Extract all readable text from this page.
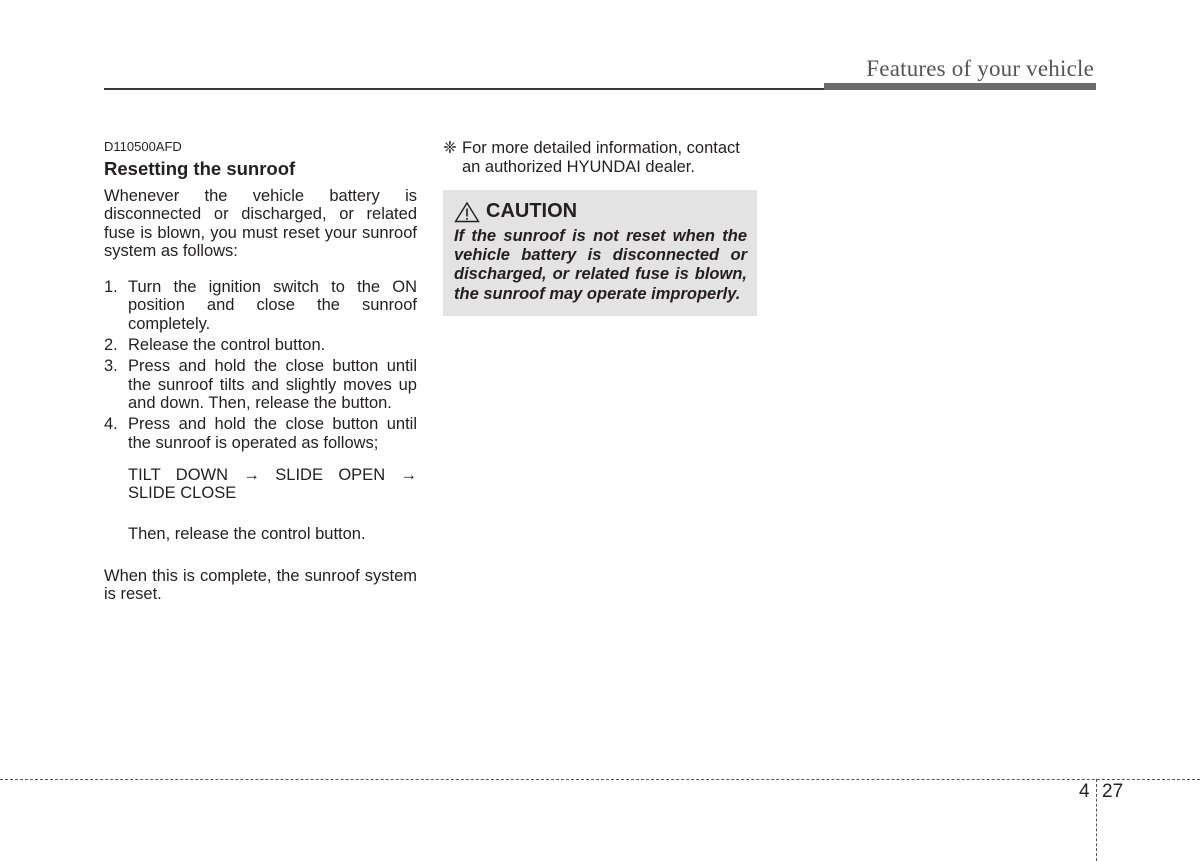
Features of your vehicle
D110500AFD
Resetting the sunroof

Whenever the vehicle battery is disconnected or discharged, or related fuse is blown, you must reset your sunroof system as follows:

1. Turn the ignition switch to the ON position and close the sunroof completely.
2. Release the control button.
3. Press and hold the close button until the sunroof tilts and slightly moves up and down. Then, release the button.
4. Press and hold the close button until the sunroof is operated as follows;
TILT DOWN → SLIDE OPEN →
SLIDE CLOSE
Then, release the control button.

When this is complete, the sunroof system is reset.

❈ For more detailed information, contact an authorized HYUNDAI dealer.
CAUTION

If the sunroof is not reset when the vehicle battery is disconnected or discharged, or related fuse is blown, the sunroof may operate improperly.

4 27
